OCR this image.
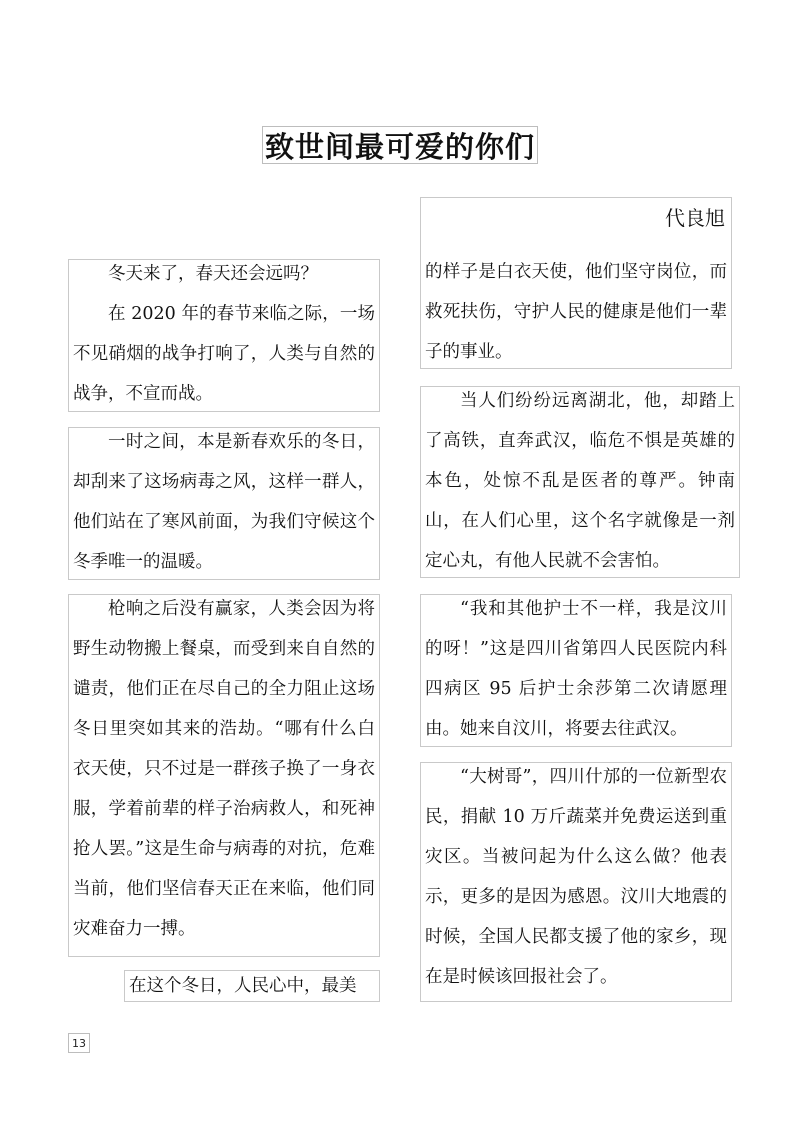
致世间最可爱的你们
代良旭
的样子是白衣天使，他们坚守岗位，而救死扶伤，守护人民的健康是他们一辈子的事业。
冬天来了，春天还会远吗？
在 2020 年的春节来临之际，一场不见硝烟的战争打响了，人类与自然的战争，不宣而战。
一时之间，本是新春欢乐的冬日，却刮来了这场病毒之风，这样一群人，他们站在了寒风前面，为我们守候这个冬季唯一的温暖。
枪响之后没有赢家，人类会因为将野生动物搬上餐桌，而受到来自自然的谴责，他们正在尽自己的全力阻止这场冬日里突如其来的浩劫。“哪有什么白衣天使，只不过是一群孩子换了一身衣服，学着前辈的样子治病救人，和死神抢人罢。”这是生命与病毒的对抗，危难当前，他们坚信春天正在来临，他们同灾难奋力一搏。
在这个冬日，人民心中，最美
当人们纷纷远离湖北，他，却踏上了高铁，直奔武汉，临危不惧是英雄的本色，处惊不乱是医者的尊严。钟南山，在人们心里，这个名字就像是一剂定心丸，有他人民就不会害怕。
“我和其他护士不一样，我是汶川的呀！”这是四川省第四人民医院内科四病区 95 后护士余莎第二次请愿理由。她来自汶川，将要去往武汉。
“大树哥”，四川什邡的一位新型农民，捐献 10 万斤蔬菜并免费运送到重灾区。当被问起为什么这么做？他表示，更多的是因为感恩。汶川大地震的时候，全国人民都支援了他的家乡，现在是时候该回报社会了。
13
